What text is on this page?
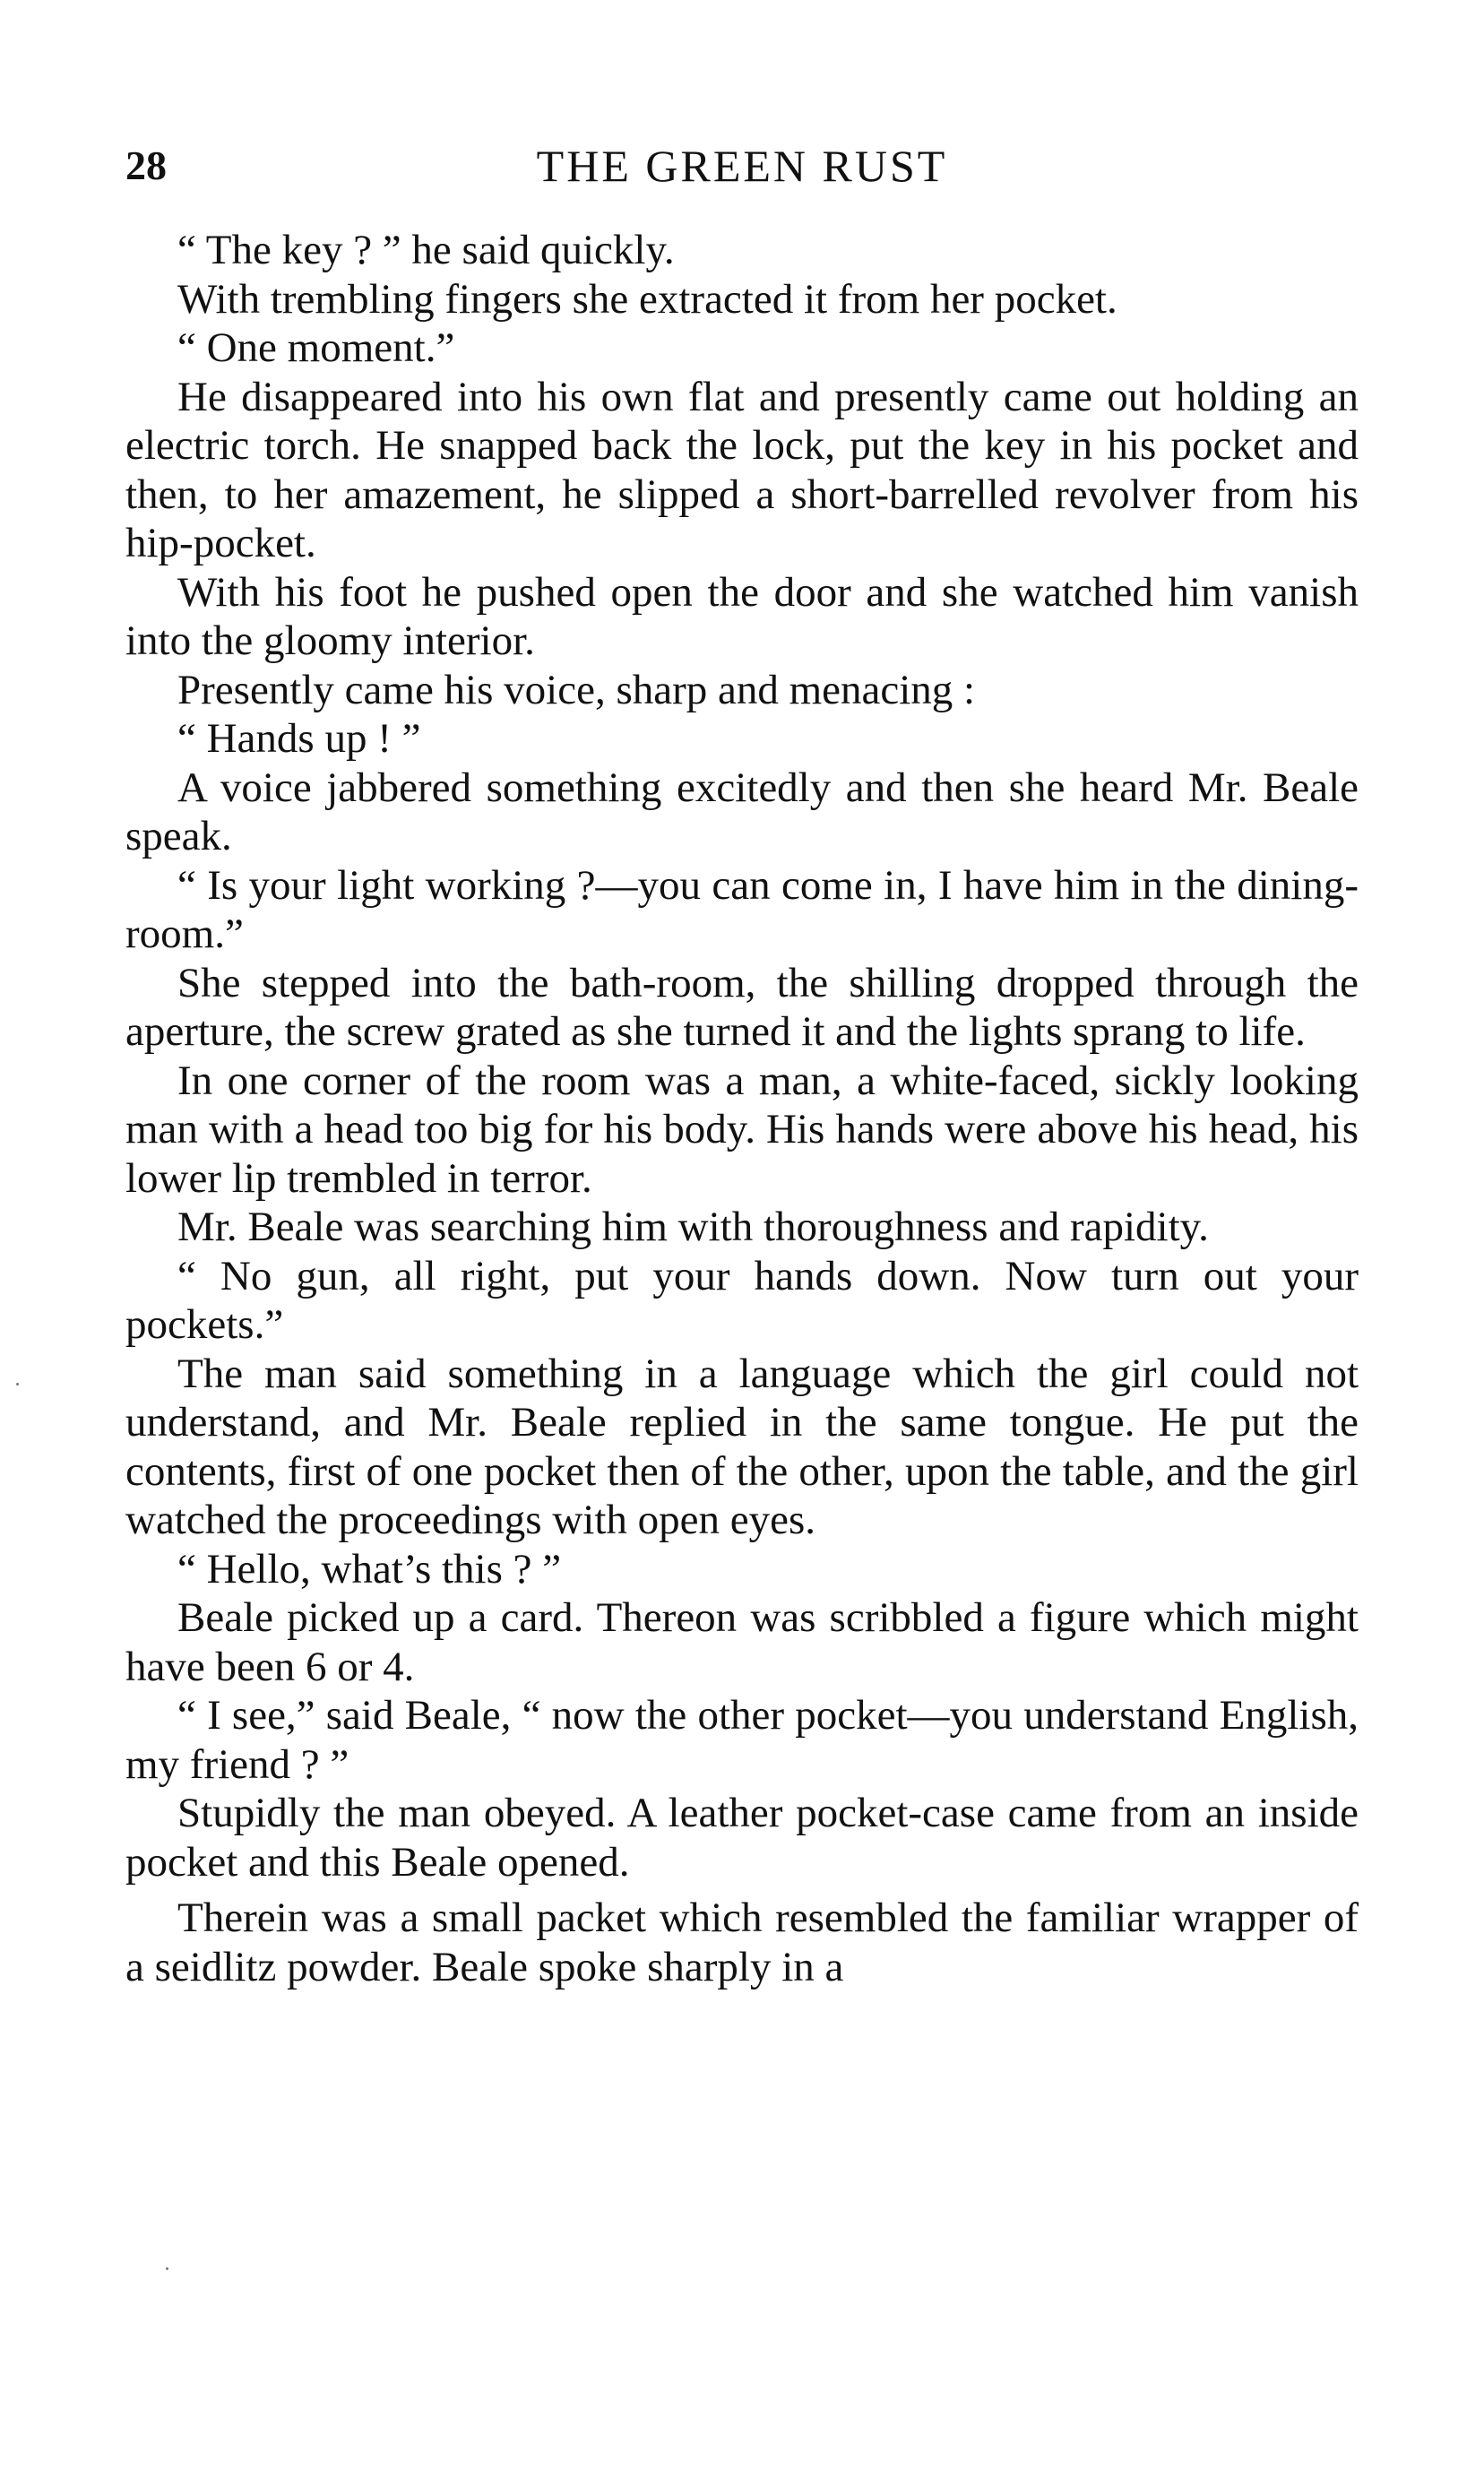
28	THE GREEN RUST

“ The key ? ” he said quickly.

With trembling fingers she extracted it from her pocket.

“ One moment.”

He disappeared into his own flat and presently came out holding an electric torch. He snapped back the lock, put the key in his pocket and then, to her amazement, he slipped a short-barrelled revolver from his hip-pocket.

With his foot he pushed open the door and she watched him vanish into the gloomy interior.

Presently came his voice, sharp and menacing :

“ Hands up ! ”

A voice jabbered something excitedly and then she heard Mr. Beale speak.

“ Is your light working ?—you can come in, I have him in the dining-room.”

She stepped into the bath-room, the shilling dropped through the aperture, the screw grated as she turned it and the lights sprang to life.

In one corner of the room was a man, a white-faced, sickly looking man with a head too big for his body. His hands were above his head, his lower lip trembled in terror.

Mr. Beale was searching him with thoroughness and rapidity.

“ No gun, all right, put your hands down. Now turn out your pockets.”

The man said something in a language which the girl could not understand, and Mr. Beale replied in the same tongue. He put the contents, first of one pocket then of the other, upon the table, and the girl watched the proceedings with open eyes.

“ Hello, what’s this ? ”

Beale picked up a card. Thereon was scribbled a figure which might have been 6 or 4.

“ I see,” said Beale, “ now the other pocket—you understand English, my friend ? ”

Stupidly the man obeyed. A leather pocket-case came from an inside pocket and this Beale opened.

Therein was a small packet which resembled the familiar wrapper of a seidlitz powder. Beale spoke sharply in a
